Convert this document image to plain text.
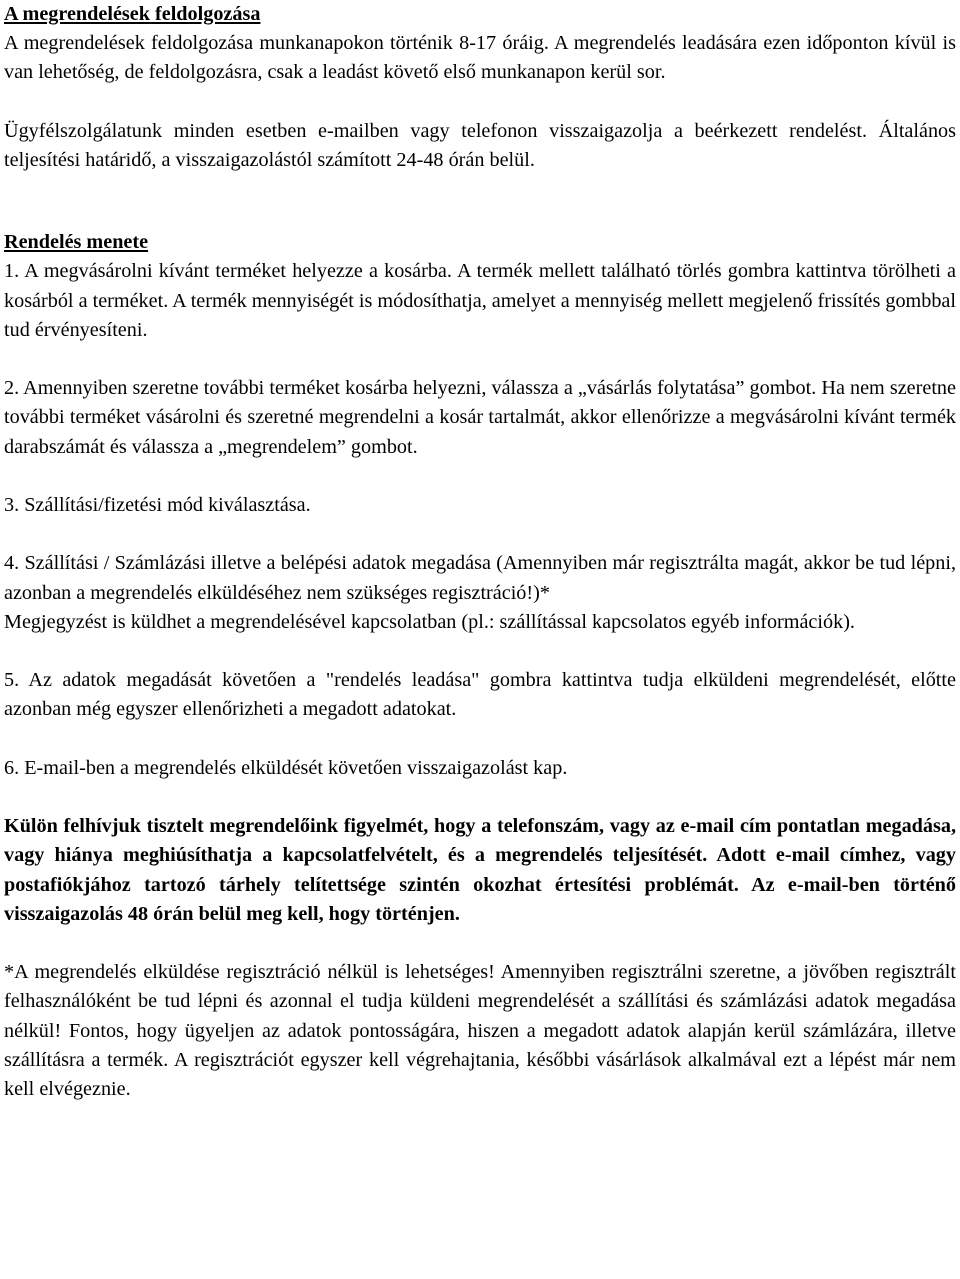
A megrendelések feldolgozása

A megrendelések feldolgozása munkanapokon történik 8-17 óráig. A megrendelés leadására ezen időponton kívül is van lehetőség, de feldolgozásra, csak a leadást követő első munkanapon kerül sor.

Ügyfélszolgálatunk minden esetben e-mailben vagy telefonon visszaigazolja a beérkezett rendelést. Általános teljesítési határidő, a visszaigazolástól számított 24-48 órán belül.

Rendelés menete

1. A megvásárolni kívánt terméket helyezze a kosárba. A termék mellett található törlés gombra kattintva törölheti a kosárból a terméket. A termék mennyiségét is módosíthatja, amelyet a mennyiség mellett megjelenő frissítés gombbal tud érvényesíteni.

2. Amennyiben szeretne további terméket kosárba helyezni, válassza a „vásárlás folytatása” gombot. Ha nem szeretne további terméket vásárolni és szeretné megrendelni a kosár tartalmát, akkor ellenőrizze a megvásárolni kívánt termék darabszámát és válassza a „megrendelem” gombot.

3. Szállítási/fizetési mód kiválasztása.

4. Szállítási / Számlázási illetve a belépési adatok megadása (Amennyiben már regisztrálta magát, akkor be tud lépni, azonban a megrendelés elküldéséhez nem szükséges regisztráció!)*

Megjegyzést is küldhet a megrendelésével kapcsolatban (pl.: szállítással kapcsolatos egyéb információk).

5. Az adatok megadását követően a "rendelés leadása" gombra kattintva tudja elküldeni megrendelését, előtte azonban még egyszer ellenőrizheti a megadott adatokat.

6. E-mail-ben a megrendelés elküldését követően visszaigazolást kap.

Külön felhívjuk tisztelt megrendelőink figyelmét, hogy a telefonszám, vagy az e-mail cím pontatlan megadása, vagy hiánya meghiúsíthatja a kapcsolatfelvételt, és a megrendelés teljesítését. Adott e-mail címhez, vagy postafiókjához tartozó tárhely telítettsége szintén okozhat értesítési problémát. Az e-mail-ben történő visszaigazolás 48 órán belül meg kell, hogy történjen.

*A megrendelés elküldése regisztráció nélkül is lehetséges! Amennyiben regisztrálni szeretne, a jövőben regisztrált felhasználóként be tud lépni és azonnal el tudja küldeni megrendelését a szállítási és számlázási adatok megadása nélkül! Fontos, hogy ügyeljen az adatok pontosságára, hiszen a megadott adatok alapján kerül számlázára, illetve szállításra a termék. A regisztrációt egyszer kell végrehajtania, későbbi vásárlások alkalmával ezt a lépést már nem kell elvégeznie.
